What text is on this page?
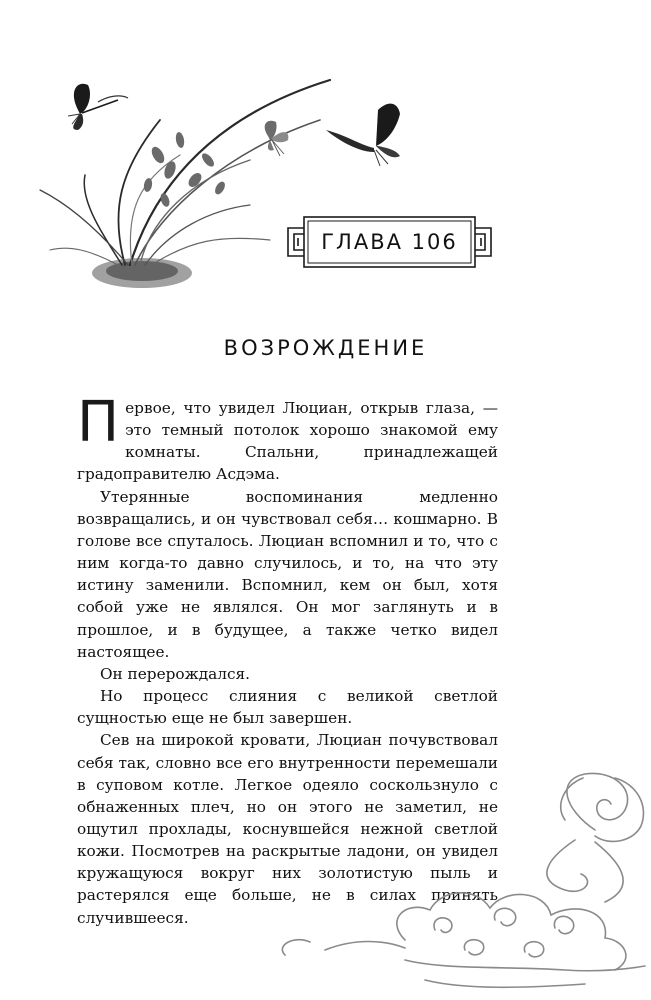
ГЛАВА 106
ВОЗРОЖДЕНИЕ

Первое, что увидел Люциан, открыв глаза, — это темный потолок хорошо знакомой ему комнаты. Спальни, принадлежащей градоправителю Асдэма.

Утерянные воспоминания медленно возвращались, и он чувствовал себя… кошмарно. В голове все спуталось. Люциан вспомнил и то, что с ним когда-то давно случилось, и то, на что эту истину заменили. Вспомнил, кем он был, хотя собой уже не являлся. Он мог заглянуть и в прошлое, и в будущее, а также четко видел настоящее.

Он перерождался.

Но процесс слияния с великой светлой сущностью еще не был завершен.

Сев на широкой кровати, Люциан почувствовал себя так, словно все его внутренности перемешали в суповом котле. Легкое одеяло соскользнуло с обнаженных плеч, но он этого не заметил, не ощутил прохлады, коснувшейся нежной светлой кожи. Посмотрев на раскрытые ладони, он увидел кружащуюся вокруг них золотистую пыль и растерялся еще больше, не в силах принять случившееся.
